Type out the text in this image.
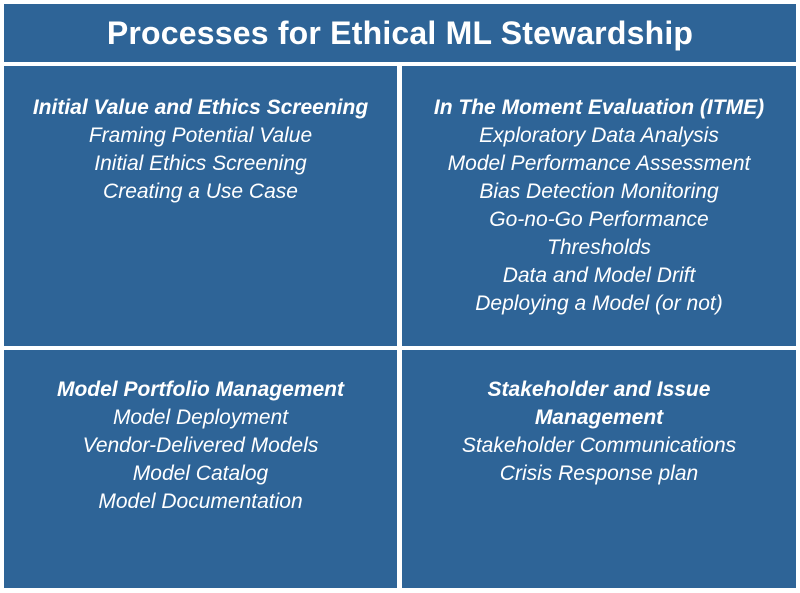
Processes for Ethical ML Stewardship
Initial Value and Ethics Screening
Framing Potential Value
Initial Ethics Screening
Creating a Use Case
In The Moment Evaluation (ITME)
Exploratory Data Analysis
Model Performance Assessment
Bias Detection Monitoring
Go-no-Go Performance Thresholds
Data and Model Drift
Deploying a Model (or not)
Model Portfolio Management
Model Deployment
Vendor-Delivered Models
Model Catalog
Model Documentation
Stakeholder and Issue Management
Stakeholder Communications
Crisis Response plan
